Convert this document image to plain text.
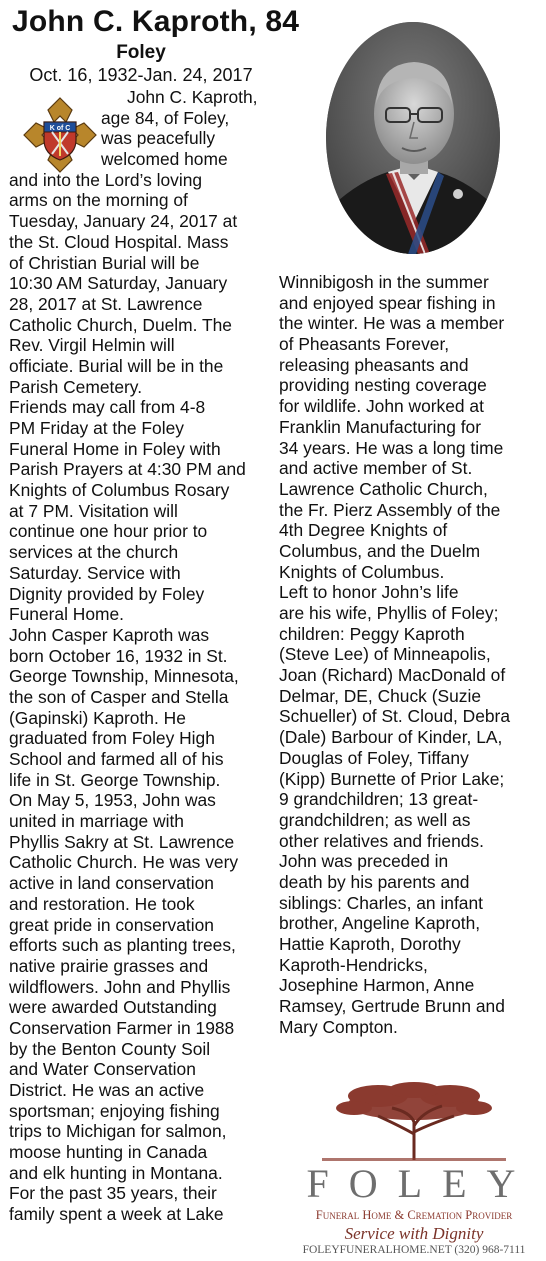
John C. Kaproth, 84
Foley
Oct. 16, 1932-Jan. 24, 2017
K of C
John C. Kaproth,
age 84, of Foley,
was peacefully
welcomed home
and into the Lord’s loving
arms on the morning of
Tuesday, January 24, 2017 at
the St. Cloud Hospital. Mass
of Christian Burial will be
10:30 AM Saturday, January
28, 2017 at St. Lawrence
Catholic Church, Duelm. The
Rev. Virgil Helmin will
officiate. Burial will be in the
Parish Cemetery.
Friends may call from 4-8
PM Friday at the Foley
Funeral Home in Foley with
Parish Prayers at 4:30 PM and
Knights of Columbus Rosary
at 7 PM. Visitation will
continue one hour prior to
services at the church
Saturday. Service with
Dignity provided by Foley
Funeral Home.
John Casper Kaproth was
born October 16, 1932 in St.
George Township, Minnesota,
the son of Casper and Stella
(Gapinski) Kaproth. He
graduated from Foley High
School and farmed all of his
life in St. George Township.
On May 5, 1953, John was
united in marriage with
Phyllis Sakry at St. Lawrence
Catholic Church. He was very
active in land conservation
and restoration. He took
great pride in conservation
efforts such as planting trees,
native prairie grasses and
wildflowers. John and Phyllis
were awarded Outstanding
Conservation Farmer in 1988
by the Benton County Soil
and Water Conservation
District. He was an active
sportsman; enjoying fishing
trips to Michigan for salmon,
moose hunting in Canada
and elk hunting in Montana.
For the past 35 years, their
family spent a week at Lake
Winnibigosh in the summer
and enjoyed spear fishing in
the winter. He was a member
of Pheasants Forever,
releasing pheasants and
providing nesting coverage
for wildlife. John worked at
Franklin Manufacturing for
34 years. He was a long time
and active member of St.
Lawrence Catholic Church,
the Fr. Pierz Assembly of the
4th Degree Knights of
Columbus, and the Duelm
Knights of Columbus.
Left to honor John’s life
are his wife, Phyllis of Foley;
children: Peggy Kaproth
(Steve Lee) of Minneapolis,
Joan (Richard) MacDonald of
Delmar, DE, Chuck (Suzie
Schueller) of St. Cloud, Debra
(Dale) Barbour of Kinder, LA,
Douglas of Foley, Tiffany
(Kipp) Burnette of Prior Lake;
9 grandchildren; 13 great-
grandchildren; as well as
other relatives and friends.
John was preceded in
death by his parents and
siblings: Charles, an infant
brother, Angeline Kaproth,
Hattie Kaproth, Dorothy
Kaproth-Hendricks,
Josephine Harmon, Anne
Ramsey, Gertrude Brunn and
Mary Compton.
FOLEY
Funeral Home & Cremation Provider
Service with Dignity
FOLEYFUNERALHOME.NET (320) 968-7111
